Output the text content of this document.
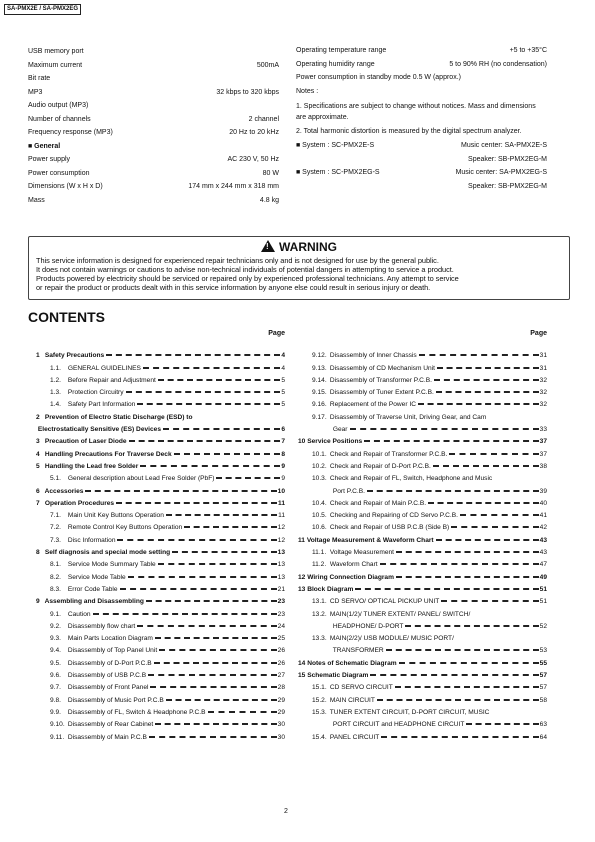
SA-PMX2E / SA-PMX2EG
USB memory port
Maximum current	500mA
Bit rate
MP3	32 kbps to 320 kbps
Audio output (MP3)
Number of channels	2 channel
Frequency response (MP3)	20 Hz to 20 kHz
■ General
Power supply	AC 230 V, 50 Hz
Power consumption	80 W
Dimensions (W x H x D)	174 mm x 244 mm x 318 mm
Mass	4.8 kg
Operating temperature range	+5 to +35°C
Operating humidity range	5 to 90% RH (no condensation)
Power consumption in standby mode 0.5 W (approx.)
Notes :

1. Specifications are subject to change without notices. Mass and dimensions are approximate.

2. Total harmonic distortion is measured by the digital spectrum analyzer.

■ System : SC-PMX2E-S	Music center: SA-PMX2E-S
Speaker: SB-PMX2EG-M
■ System : SC-PMX2EG-S	Music center: SA-PMX2EG-S
Speaker: SB-PMX2EG-M
!WARNING
This service information is designed for experienced repair technicians only and is not designed for use by the general public.
It does not contain warnings or cautions to advise non-technical individuals of potential dangers in attempting to service a product.
Products powered by electricity should be serviced or repaired only by experienced professional technicians. Any attempt to service
or repair the product or products dealt with in this service information by anyone else could result in serious injury or death.
CONTENTS
Page
1 Safety Precautions	4
1.1. GENERAL GUIDELINES	4
1.2. Before Repair and Adjustment	5
1.3. Protection Circuitry	5
1.4. Safety Part Information	5
2 Prevention of Electro Static Discharge (ESD) to
Electrostatically Sensitive (ES) Devices	6
3 Precaution of Laser Diode	7
4 Handling Precautions For Traverse Deck	8
5 Handling the Lead free Solder	9
5.1. General description about Lead Free Solder (PbF)	9
6 Accessories	10
7 Operation Procedures	11
7.1. Main Unit Key Buttons Operation	11
7.2. Remote Control Key Buttons Operation	12
7.3. Disc Information	12
8 Self diagnosis and special mode setting	13
8.1. Service Mode Summary Table	13
8.2. Service Mode Table	13
8.3. Error Code Table	21
9 Assembling and Disassembling	23
9.1. Caution	23
9.2. Disassembly flow chart	24
9.3. Main Parts Location Diagram	25
9.4. Disassembly of Top Panel Unit	26
9.5. Disassembly of D-Port P.C.B	26
9.6. Disassembly of USB P.C.B	27
9.7. Disassembly of Front Panel	28
9.8. Disassembly of Music Port P.C.B	29
9.9. Disassembly of FL, Switch & Headphone P.C.B	29
9.10. Disassembly of Rear Cabinet	30
9.11. Disassembly of Main P.C.B	30
Page
9.12. Disassembly of Inner Chassis	31
9.13. Disassembly of CD Mechanism Unit	31
9.14. Disassembly of Transformer P.C.B.	32
9.15. Disassembly of Tuner Extent P.C.B.	32
9.16. Replacement of the Power IC	32
9.17. Disassembly of Traverse Unit, Driving Gear, and Cam
Gear	33
10 Service Positions	37
10.1. Check and Repair of Transformer P.C.B.	37
10.2. Check and Repair of D-Port P.C.B.	38
10.3. Check and Repair of FL, Switch, Headphone and Music
Port P.C.B.	39
10.4. Check and Repair of Main P.C.B.	40
10.5. Checking and Repairing of CD Servo P.C.B.	41
10.6. Check and Repair of USB P.C.B (Side B)	42
11 Voltage Measurement & Waveform Chart	43
11.1. Voltage Measurement	43
11.2. Waveform Chart	47
12 Wiring Connection Diagram	49
13 Block Diagram	51
13.1. CD SERVO/ OPTICAL PICKUP UNIT	51
13.2. MAIN(1/2)/ TUNER EXTENT/ PANEL/ SWITCH/
HEADPHONE/ D-PORT	52
13.3. MAIN(2/2)/ USB MODULE/ MUSIC PORT/
TRANSFORMER	53
14 Notes of Schematic Diagram	55
15 Schematic Diagram	57
15.1. CD SERVO CIRCUIT	57
15.2. MAIN CIRCUIT	58
15.3. TUNER EXTENT CIRCUIT, D-PORT CIRCUIT, MUSIC
PORT CIRCUIT and HEADPHONE CIRCUIT	63
15.4. PANEL CIRCUIT	64
2
